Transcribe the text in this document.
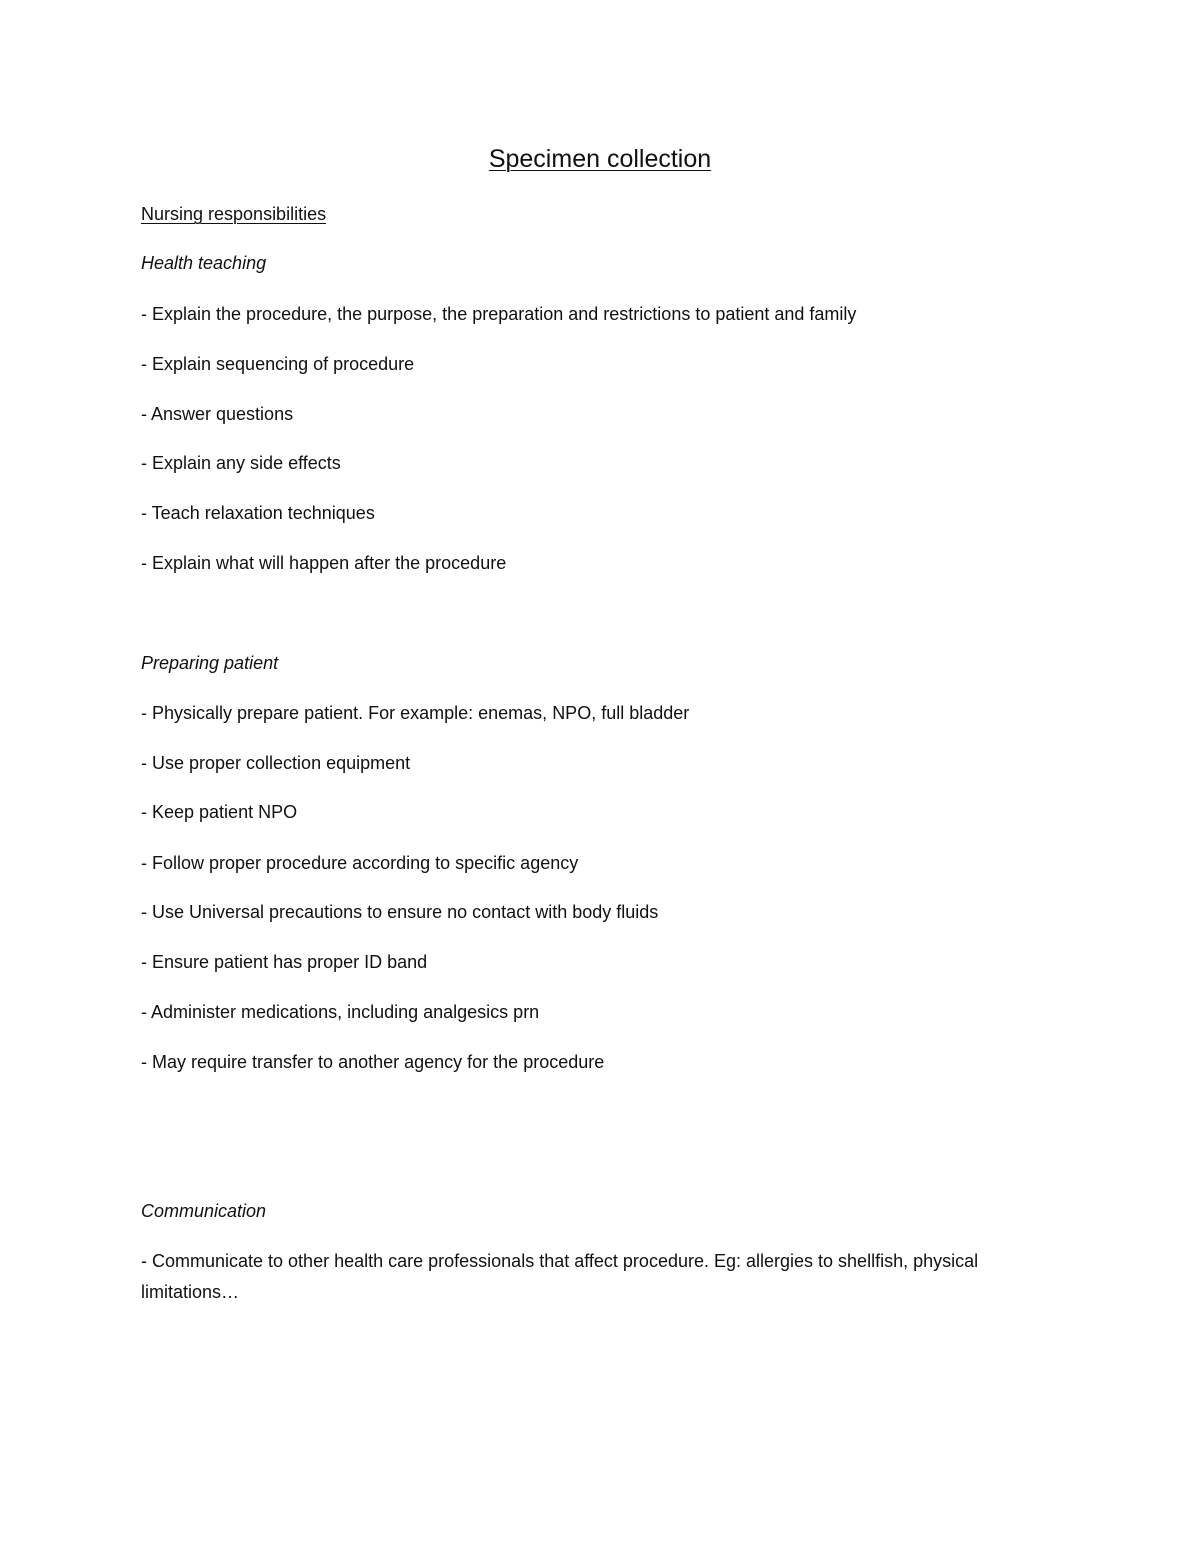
Specimen collection
Nursing responsibilities
Health teaching
- Explain the procedure, the purpose, the preparation and restrictions to patient and family
- Explain sequencing of procedure
- Answer questions
- Explain any side effects
- Teach relaxation techniques
- Explain what will happen after the procedure
Preparing patient
- Physically prepare patient. For example: enemas, NPO, full bladder
- Use proper collection equipment
- Keep patient NPO
- Follow proper procedure according to specific agency
- Use Universal precautions to ensure no contact with body fluids
- Ensure patient has proper ID band
- Administer medications, including analgesics prn
- May require transfer to another agency for the procedure
Communication
- Communicate to other health care professionals that affect procedure. Eg: allergies to shellfish, physical limitations…
